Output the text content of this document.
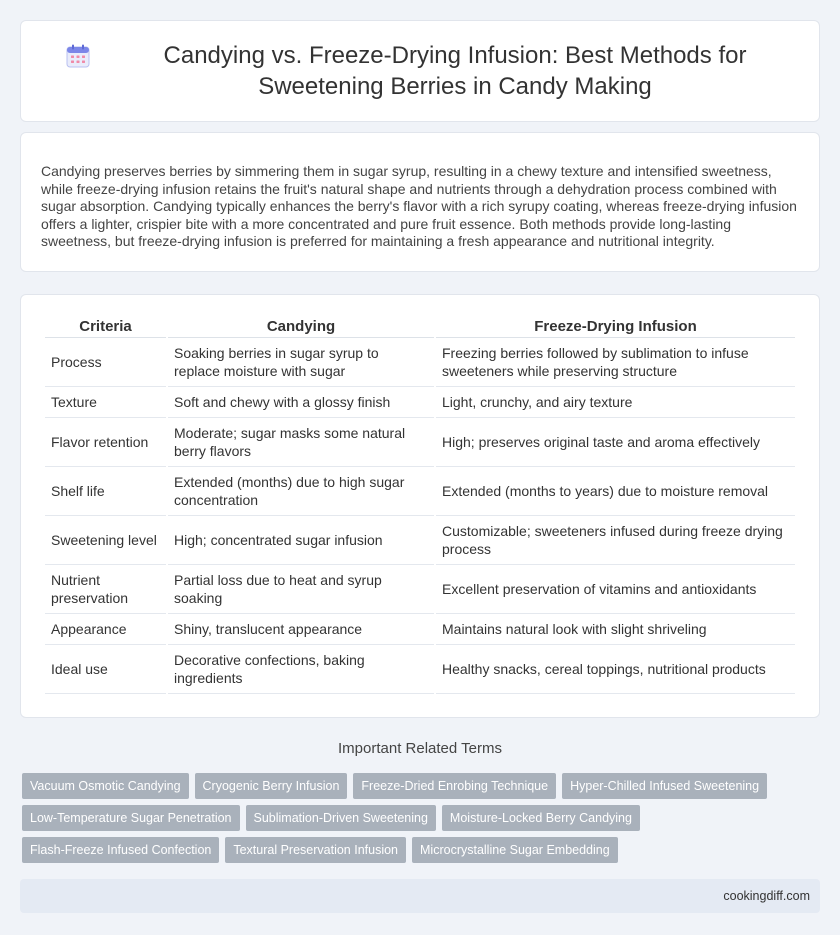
Candying vs. Freeze-Drying Infusion: Best Methods for Sweetening Berries in Candy Making

Candying preserves berries by simmering them in sugar syrup, resulting in a chewy texture and intensified sweetness, while freeze-drying infusion retains the fruit's natural shape and nutrients through a dehydration process combined with sugar absorption. Candying typically enhances the berry's flavor with a rich syrupy coating, whereas freeze-drying infusion offers a lighter, crispier bite with a more concentrated and pure fruit essence. Both methods provide long-lasting sweetness, but freeze-drying infusion is preferred for maintaining a fresh appearance and nutritional integrity.

Criteria	Candying	Freeze-Drying Infusion
Process	Soaking berries in sugar syrup to replace moisture with sugar	Freezing berries followed by sublimation to infuse sweeteners while preserving structure
Texture	Soft and chewy with a glossy finish	Light, crunchy, and airy texture
Flavor retention	Moderate; sugar masks some natural berry flavors	High; preserves original taste and aroma effectively
Shelf life	Extended (months) due to high sugar concentration	Extended (months to years) due to moisture removal
Sweetening level	High; concentrated sugar infusion	Customizable; sweeteners infused during freeze drying process
Nutrient preservation	Partial loss due to heat and syrup soaking	Excellent preservation of vitamins and antioxidants
Appearance	Shiny, translucent appearance	Maintains natural look with slight shriveling
Ideal use	Decorative confections, baking ingredients	Healthy snacks, cereal toppings, nutritional products
Important Related Terms
Vacuum Osmotic Candying	Cryogenic Berry Infusion	Freeze-Dried Enrobing Technique	Hyper-Chilled Infused Sweetening
Low-Temperature Sugar Penetration	Sublimation-Driven Sweetening	Moisture-Locked Berry Candying
Flash-Freeze Infused Confection	Textural Preservation Infusion	Microcrystalline Sugar Embedding
cookingdiff.com
